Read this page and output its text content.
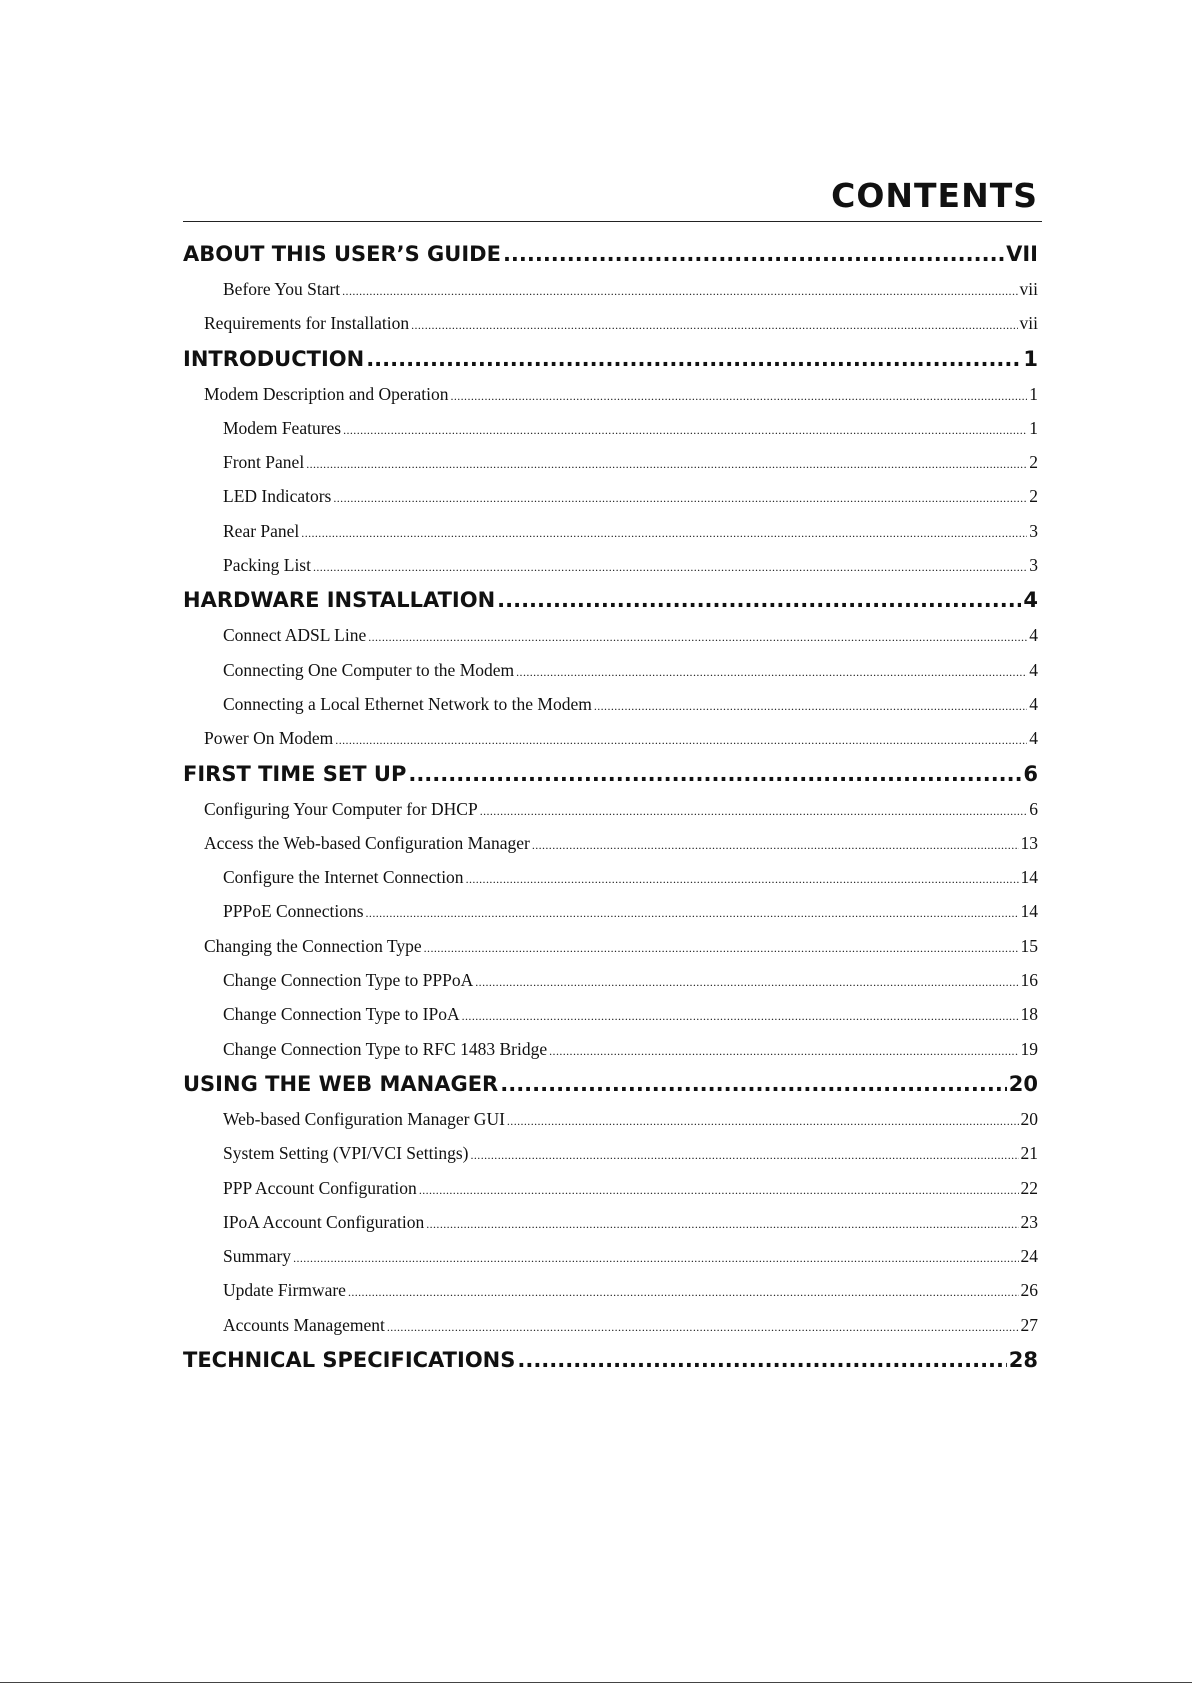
CONTENTS
ABOUT THIS USER’S GUIDE .....	VII
Before You Start .....	vii
Requirements for Installation .....	vii
INTRODUCTION .....	1
Modem Description and Operation .....	1
Modem Features .....	1
Front Panel .....	2
LED Indicators .....	2
Rear Panel .....	3
Packing List .....	3
HARDWARE INSTALLATION .....	4
Connect ADSL Line .....	4
Connecting One Computer to the Modem .....	4
Connecting a Local Ethernet Network to the Modem .....	4
Power On Modem .....	4
FIRST TIME SET UP .....	6
Configuring Your Computer for DHCP .....	6
Access the Web-based Configuration Manager .....	13
Configure the Internet Connection .....	14
PPPoE Connections .....	14
Changing the Connection Type .....	15
Change Connection Type to PPPoA .....	16
Change Connection Type to IPoA .....	18
Change Connection Type to RFC 1483 Bridge .....	19
USING THE WEB MANAGER .....	20
Web-based Configuration Manager GUI .....	20
System Setting (VPI/VCI Settings) .....	21
PPP Account Configuration .....	22
IPoA Account Configuration .....	23
Summary .....	24
Update Firmware .....	26
Accounts Management .....	27
TECHNICAL SPECIFICATIONS .....	28
